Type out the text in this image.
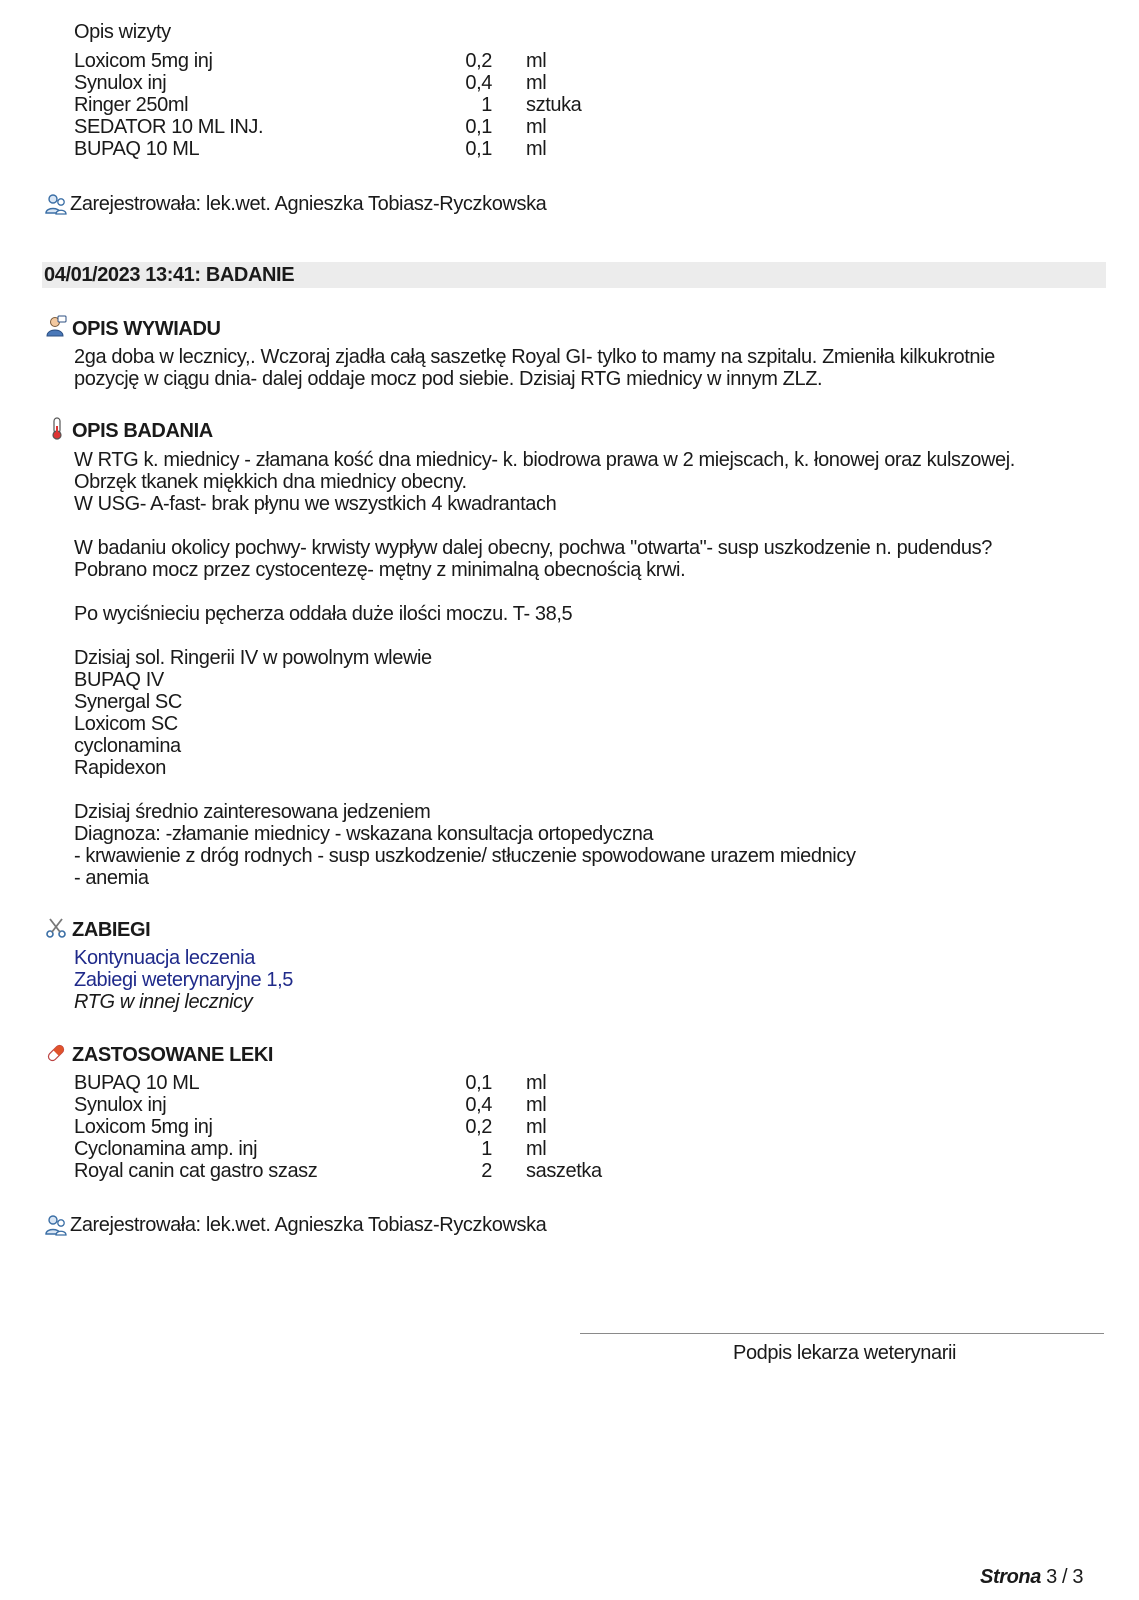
Opis wizyty
Loxicom 5mg inj	0,2 ml
Synulox inj	0,4 ml
Ringer 250ml	1 sztuka
SEDATOR 10 ML INJ.	0,1 ml
BUPAQ 10 ML	0,1 ml
Zarejestrowała: lek.wet. Agnieszka Tobiasz-Ryczkowska
04/01/2023 13:41: BADANIE
OPIS WYWIADU
2ga doba w lecznicy,. Wczoraj zjadła całą saszetkę Royal GI- tylko to mamy na szpitalu. Zmieniła kilkukrotnie
pozycję w ciągu dnia- dalej oddaje mocz pod siebie. Dzisiaj RTG miednicy w innym ZLZ.
OPIS BADANIA
W RTG k. miednicy - złamana kość dna miednicy- k. biodrowa prawa w 2 miejscach, k. łonowej oraz kulszowej.
Obrzęk tkanek miękkich dna miednicy obecny.
W USG- A-fast- brak płynu we wszystkich 4 kwadrantach
W badaniu okolicy pochwy- krwisty wypływ dalej obecny, pochwa "otwarta"- susp uszkodzenie n. pudendus?
Pobrano mocz przez cystocentezę- mętny z minimalną obecnością krwi.
Po wyciśnieciu pęcherza oddała duże ilości moczu. T- 38,5
Dzisiaj sol. Ringerii IV w powolnym wlewie
BUPAQ IV
Synergal SC
Loxicom SC
cyclonamina
Rapidexon
Dzisiaj średnio zainteresowana jedzeniem
Diagnoza: -złamanie miednicy - wskazana konsultacja ortopedyczna
- krwawienie z dróg rodnych - susp uszkodzenie/ stłuczenie spowodowane urazem miednicy
- anemia
ZABIEGI
Kontynuacja leczenia
Zabiegi weterynaryjne 1,5
RTG w innej lecznicy
ZASTOSOWANE LEKI
BUPAQ 10 ML	0,1 ml
Synulox inj	0,4 ml
Loxicom 5mg inj	0,2 ml
Cyclonamina amp. inj	1 ml
Royal canin cat gastro szasz	2 saszetka
Zarejestrowała: lek.wet. Agnieszka Tobiasz-Ryczkowska
Podpis lekarza weterynarii
Strona 3 / 3
